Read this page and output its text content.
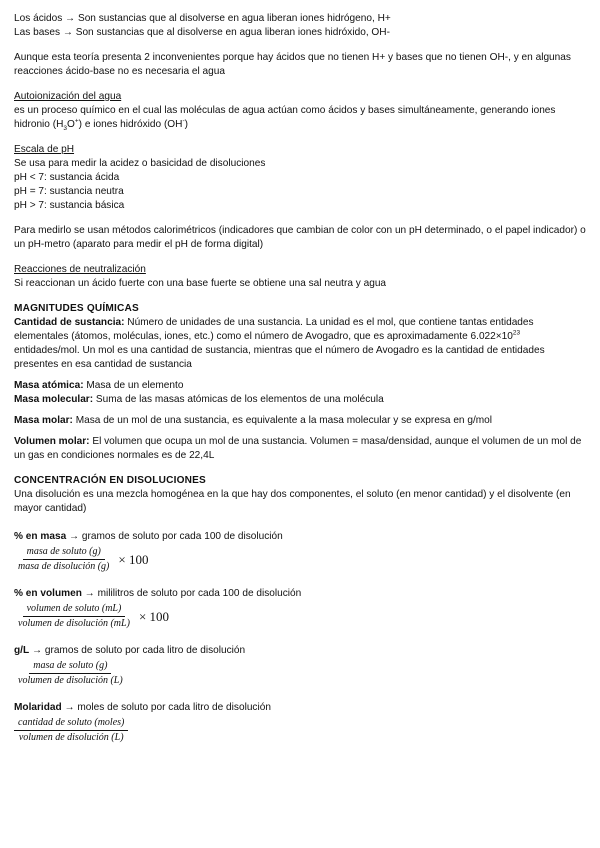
Los ácidos → Son sustancias que al disolverse en agua liberan iones hidrógeno, H+

Las bases → Son sustancias que al disolverse en agua liberan iones hidróxido, OH-

Aunque esta teoría presenta 2 inconvenientes porque hay ácidos que no tienen H+ y bases que no tienen OH-, y en algunas reacciones ácido-base no es necesaria el agua

Autoionización del agua

es un proceso químico en el cual las moléculas de agua actúan como ácidos y bases simultáneamente, generando iones hidronio $(H_3O^+)$ e iones hidróxido (OH-)

Escala de pH

Se usa para medir la acidez o basicidad de disoluciones

pH < 7: sustancia ácida

pH = 7: sustancia neutra

pH > 7: sustancia básica

Para medirlo se usan métodos calorimétricos (indicadores que cambian de color con un pH determinado, o el papel indicador) o un pH-metro (aparato para medir el pH de forma digital)

Reacciones de neutralización

Si reaccionan un ácido fuerte con una base fuerte se obtiene una sal neutra y agua

MAGNITUDES QUÍMICAS

Cantidad de sustancia: Número de unidades de una sustancia. La unidad es el mol, que contiene tantas entidades elementales (átomos, moléculas, iones, etc.) como el número de Avogadro, que es aproximadamente $6.022\times 10^{23}$ entidades/mol. Un mol es una cantidad de sustancia, mientras que el número de Avogadro es la cantidad de entidades presentes en esa cantidad de sustancia

Masa atómica: Masa de un elemento

Masa molecular: Suma de las masas atómicas de los elementos de una molécula

Masa molar: Masa de un mol de una sustancia, es equivalente a la masa molecular y se expresa en g/mol

Volumen molar: El volumen que ocupa un mol de una sustancia. Volumen = masa/densidad, aunque el volumen de un mol de un gas en condiciones normales es de 22,4L

CONCENTRACIÓN EN DISOLUCIONES

Una disolución es una mezcla homogénea en la que hay dos componentes, el soluto (en menor cantidad) y el disolvente (en mayor cantidad)

% en masa → gramos de soluto por cada 100 de disolución

$\frac{\text{masa de soluto (g)}}{\text{masa de disolución (g)}} \times 100$

% en volumen → mililitros de soluto por cada 100 de disolución

$\frac{\text{volumen de soluto (mL)}}{\text{volumen de disolución (mL)}} \times 100$

g/L → gramos de soluto por cada litro de disolución

$\frac{\text{masa de soluto (g)}}{\text{volumen de disolución (L)}}$

Molaridad → moles de soluto por cada litro de disolución

$\frac{\text{cantidad de soluto (moles)}}{\text{volumen de disolución (L)}}$
